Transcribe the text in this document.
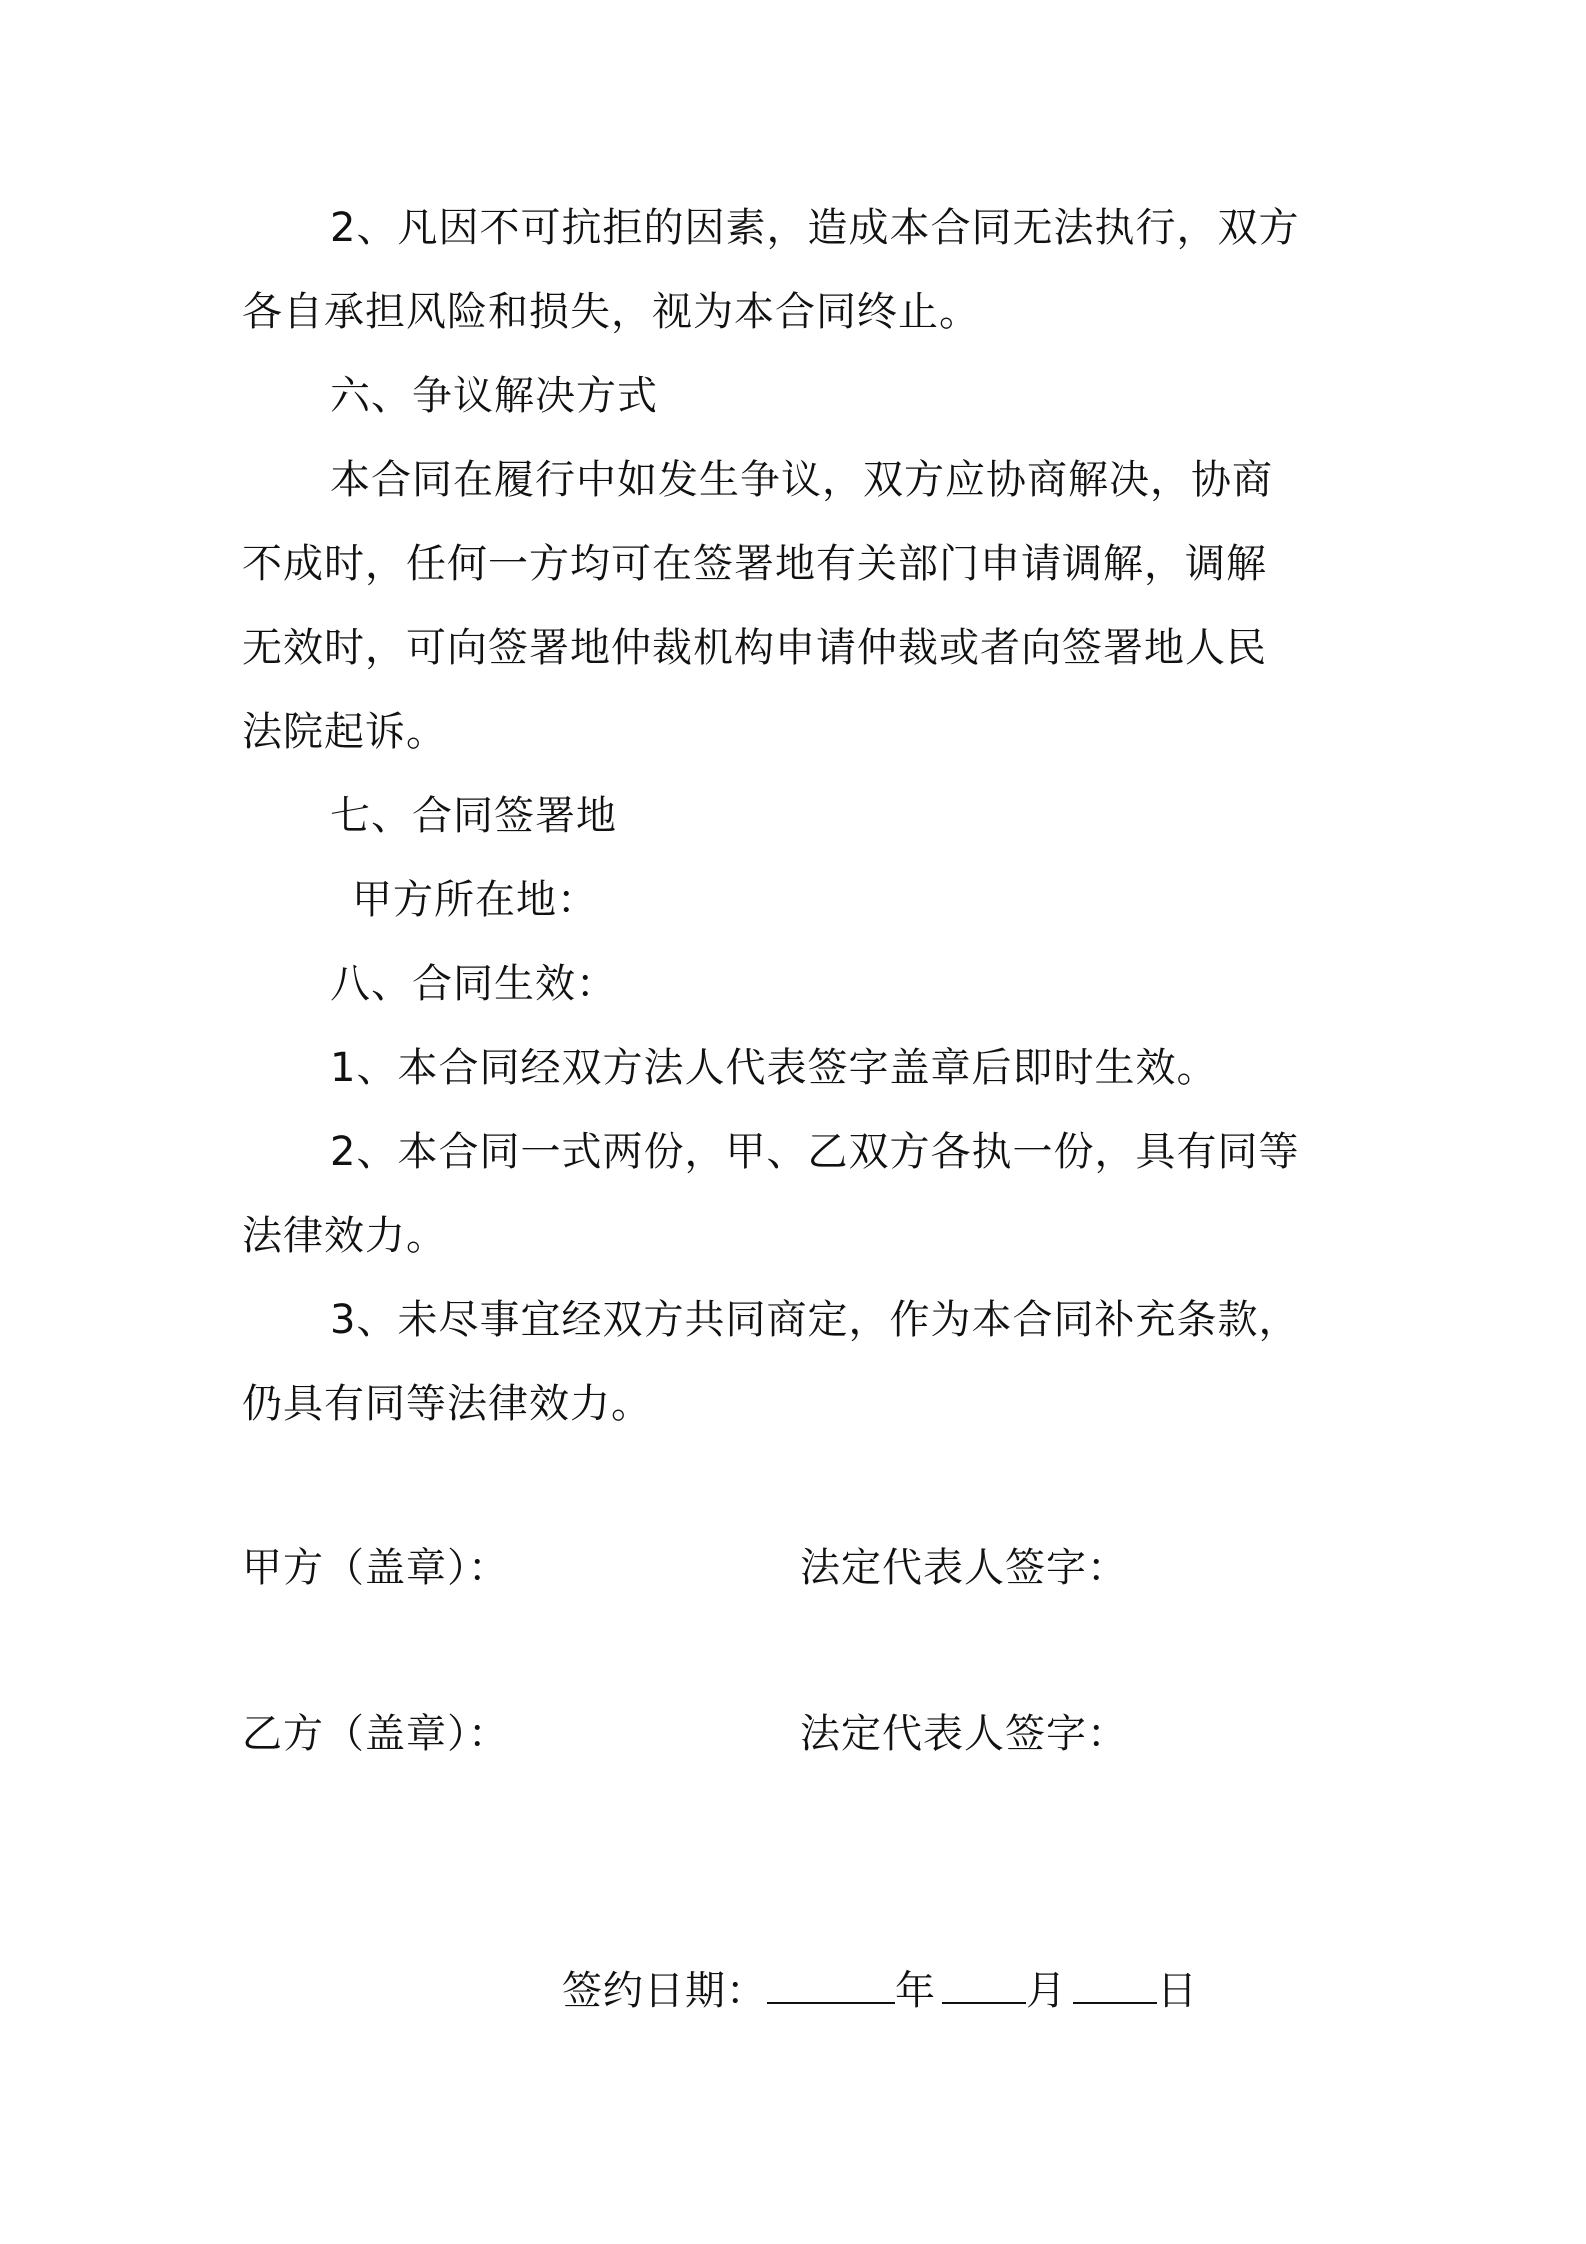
2、凡因不可抗拒的因素，造成本合同无法执行，双方
各自承担风险和损失，视为本合同终止。
六、争议解决方式
本合同在履行中如发生争议，双方应协商解决，协商
不成时，任何一方均可在签署地有关部门申请调解，调解
无效时，可向签署地仲裁机构申请仲裁或者向签署地人民
法院起诉。
七、合同签署地
甲方所在地：
八、合同生效：
1、本合同经双方法人代表签字盖章后即时生效。
2、本合同一式两份，甲、乙双方各执一份，具有同等
法律效力。
3、未尽事宜经双方共同商定，作为本合同补充条款，
仍具有同等法律效力。
甲方（盖章）：	法定代表人签字：
乙方（盖章）：	法定代表人签字：
签约日期：	年 月 日
